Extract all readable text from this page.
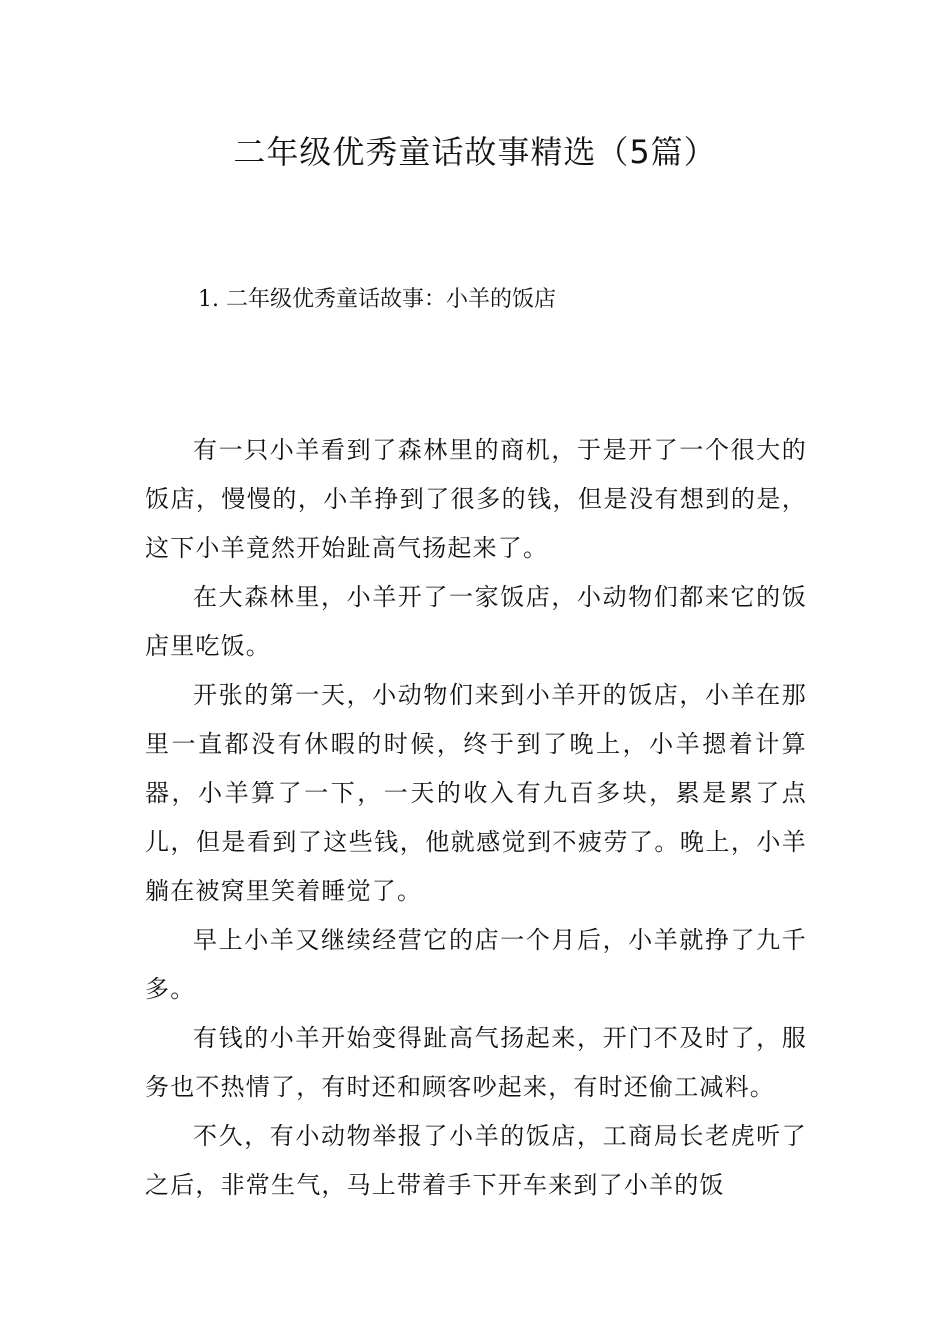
二年级优秀童话故事精选（5篇）
1. 二年级优秀童话故事：小羊的饭店

有一只小羊看到了森林里的商机，于是开了一个很大的饭店，慢慢的，小羊挣到了很多的钱，但是没有想到的是，这下小羊竟然开始趾高气扬起来了。

在大森林里，小羊开了一家饭店，小动物们都来它的饭店里吃饭。

开张的第一天，小动物们来到小羊开的饭店，小羊在那里一直都没有休暇的时候，终于到了晚上，小羊摁着计算器，小羊算了一下，一天的收入有九百多块，累是累了点儿，但是看到了这些钱，他就感觉到不疲劳了。晚上，小羊躺在被窝里笑着睡觉了。

早上小羊又继续经营它的店一个月后，小羊就挣了九千多。

有钱的小羊开始变得趾高气扬起来，开门不及时了，服务也不热情了，有时还和顾客吵起来，有时还偷工减料。

不久，有小动物举报了小羊的饭店，工商局长老虎听了之后，非常生气，马上带着手下开车来到了小羊的饭
